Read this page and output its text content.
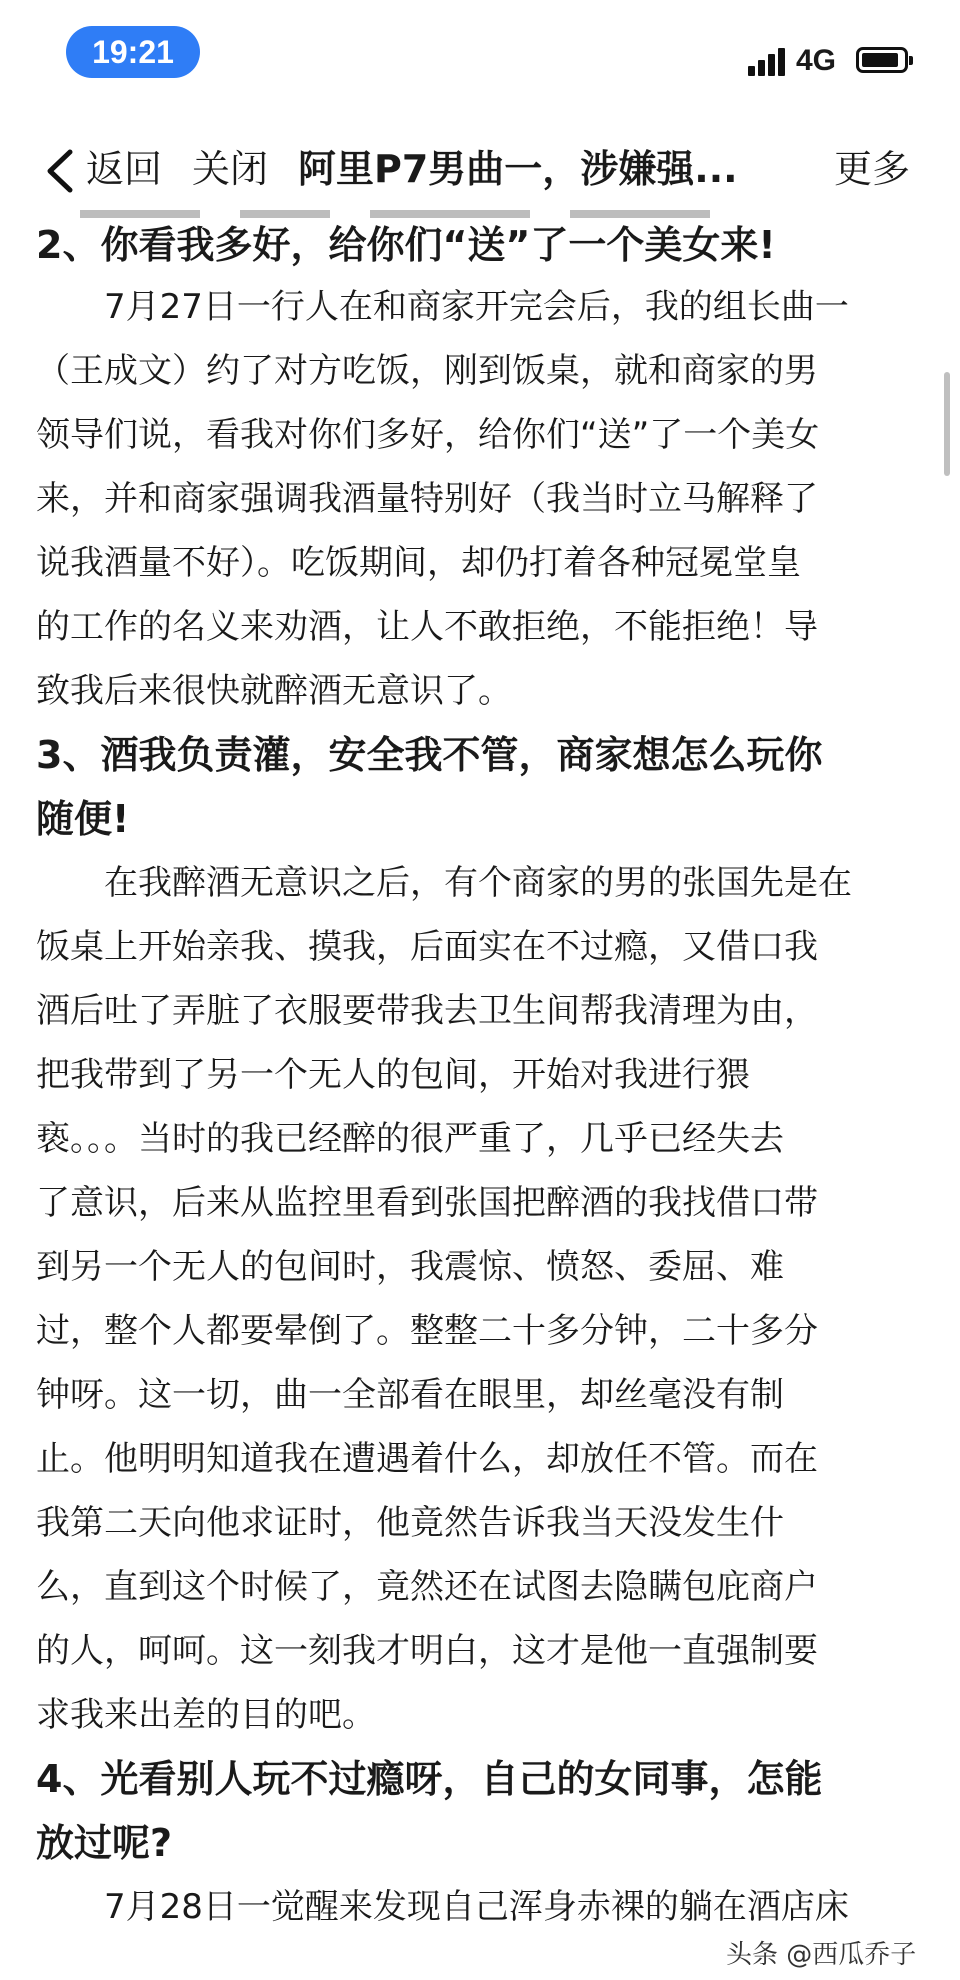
19:21	4G
返回 关闭 阿里P7男曲一，涉嫌强...	更多
2、你看我多好，给你们“送”了一个美女来!
　7月27日一行人在和商家开完会后，我的组长曲一
（王成文）约了对方吃饭，刚到饭桌，就和商家的男
领导们说，看我对你们多好，给你们“送”了一个美女
来，并和商家强调我酒量特别好（我当时立马解释了
说我酒量不好）。吃饭期间，却仍打着各种冠冕堂皇
的工作的名义来劝酒，让人不敢拒绝，不能拒绝！导
致我后来很快就醉酒无意识了。
3、酒我负责灌，安全我不管，商家想怎么玩你
随便!
　在我醉酒无意识之后，有个商家的男的张国先是在
饭桌上开始亲我、摸我，后面实在不过瘾，又借口我
酒后吐了弄脏了衣服要带我去卫生间帮我清理为由，
把我带到了另一个无人的包间，开始对我进行猥
亵。。。当时的我已经醉的很严重了，几乎已经失去
了意识，后来从监控里看到张国把醉酒的我找借口带
到另一个无人的包间时，我震惊、愤怒、委屈、难
过，整个人都要晕倒了。整整二十多分钟，二十多分
钟呀。这一切，曲一全部看在眼里，却丝毫没有制
止。他明明知道我在遭遇着什么，却放任不管。而在
我第二天向他求证时，他竟然告诉我当天没发生什
么，直到这个时候了，竟然还在试图去隐瞒包庇商户
的人，呵呵。这一刻我才明白，这才是他一直强制要
求我来出差的目的吧。
4、光看别人玩不过瘾呀，自己的女同事，怎能
放过呢?
　7月28日一觉醒来发现自己浑身赤裸的躺在酒店床
头条 @西瓜乔子
